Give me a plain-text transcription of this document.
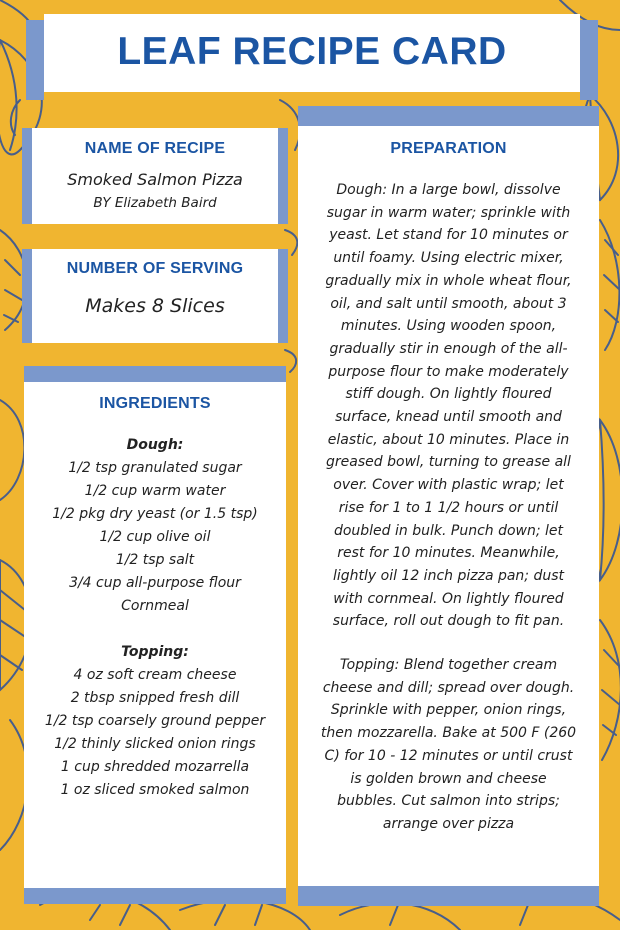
LEAF RECIPE CARD
NAME OF RECIPE
Smoked Salmon Pizza
BY Elizabeth Baird
NUMBER OF SERVING
Makes 8 Slices
INGREDIENTS
Dough:
1/2 tsp granulated sugar
1/2 cup warm water
1/2 pkg dry yeast (or 1.5 tsp)
1/2 cup olive oil
1/2 tsp salt
3/4 cup all-purpose flour
Cornmeal
Topping:
4 oz soft cream cheese
2 tbsp snipped fresh dill
1/2 tsp coarsely ground pepper
1/2 thinly slicked onion rings
1 cup shredded mozarrella
1 oz sliced smoked salmon
PREPARATION
Dough: In a large bowl, dissolve sugar in warm water; sprinkle with yeast. Let stand for 10 minutes or until foamy. Using electric mixer, gradually mix in whole wheat flour, oil, and salt until smooth, about 3 minutes. Using wooden spoon, gradually stir in enough of the all-purpose flour to make moderately stiff dough. On lightly floured surface, knead until smooth and elastic, about 10 minutes. Place in greased bowl, turning to grease all over. Cover with plastic wrap; let rise for 1 to 1 1/2 hours or until doubled in bulk. Punch down; let rest for 10 minutes. Meanwhile, lightly oil 12 inch pizza pan; dust with cornmeal. On lightly floured surface, roll out dough to fit pan.
Topping: Blend together cream cheese and dill; spread over dough. Sprinkle with pepper, onion rings, then mozzarella. Bake at 500 F (260 C) for 10 - 12 minutes or until crust is golden brown and cheese bubbles. Cut salmon into strips; arrange over pizza
